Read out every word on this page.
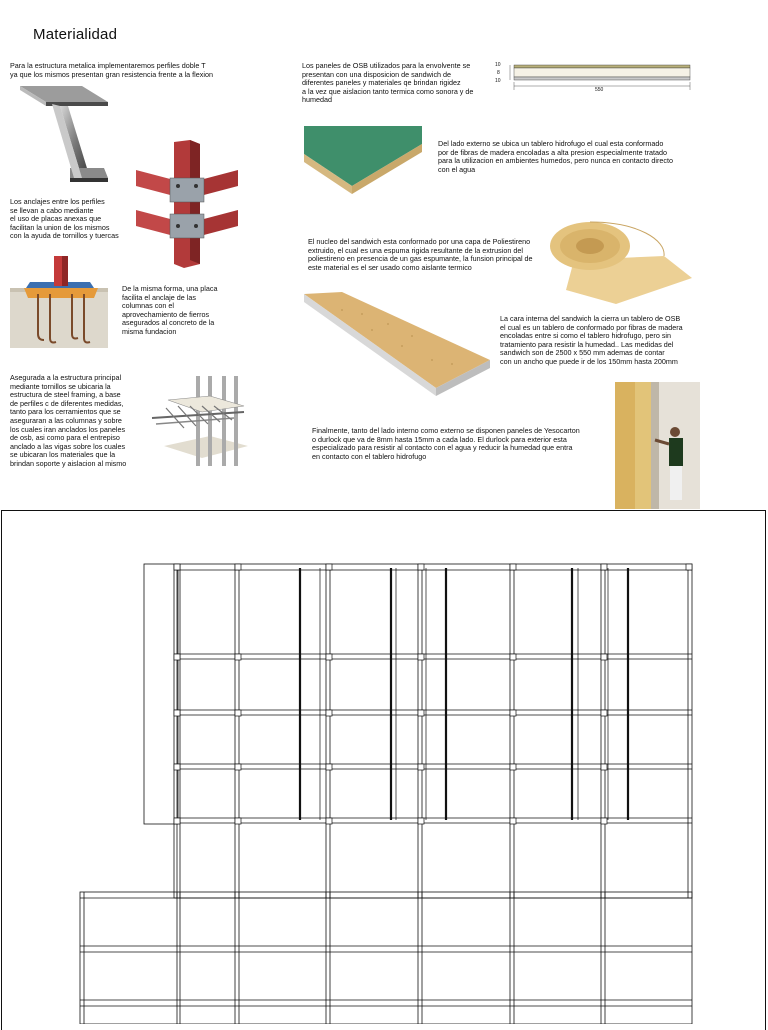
Materialidad
Para la estructura metalica implementaremos perfiles doble T
ya que los mismos presentan gran resistencia frente a la flexion
Los anclajes entre los perfiles
se llevan a cabo mediante
el uso de placas anexas que
facilitan la union de los mismos
con la ayuda de tornillos y tuercas
De la misma forma, una placa
facilita el anclaje de las
columnas con el
aprovechamiento de fierros
asegurados al concreto de la
misma fundacion
Asegurada a la estructura principal
mediante tornillos se ubicaria la
estructura de steel framing, a base
de perfiles c de diferentes medidas,
tanto para los cerramientos que se
aseguraran a las columnas y sobre
los cuales iran anclados los paneles
de osb, asi como para el entrepiso
anclado a las vigas sobre los cuales
se ubicaran los materiales que la
brindan soporte y aislacion al mismo
Los paneles de OSB utilizados para la envolvente se
presentan con una disposicion de sandwich de
diferentes paneles y materiales qe brindan rigidez
a la vez que aislacion tanto termica como sonora y de
humedad
10
8
10
550
Del lado externo se ubica un tablero hidrofugo el cual esta conformado
por de fibras de madera encoladas a alta presion especialmente tratado
para la utilizacion en ambientes humedos, pero nunca en contacto directo
con el agua
El nucleo del sandwich esta conformado por una capa de Poliestireno
extruido, el cual es una espuma rigida resultante de la extrusion del
poliestireno en presencia de un gas espumante, la funsion principal de
este material es el ser usado como aislante termico
La cara interna del sandwich la cierra un tablero de OSB
el cual es un tablero de conformado por fibras de madera
encoladas entre si como el tablero hidrofugo, pero sin
tratamiento para resistir la humedad.. Las medidas del
sandwich son de 2500 x 550 mm ademas de contar
con un ancho que puede ir de los 150mm hasta 200mm
Finalmente, tanto del lado interno como externo se disponen paneles de Yesocarton
o durlock que va de 8mm hasta 15mm a cada lado. El durlock para exterior esta
especializado para resistir al contacto con el agua y reducir la humedad que entra
en contacto con el tablero hidrofugo
